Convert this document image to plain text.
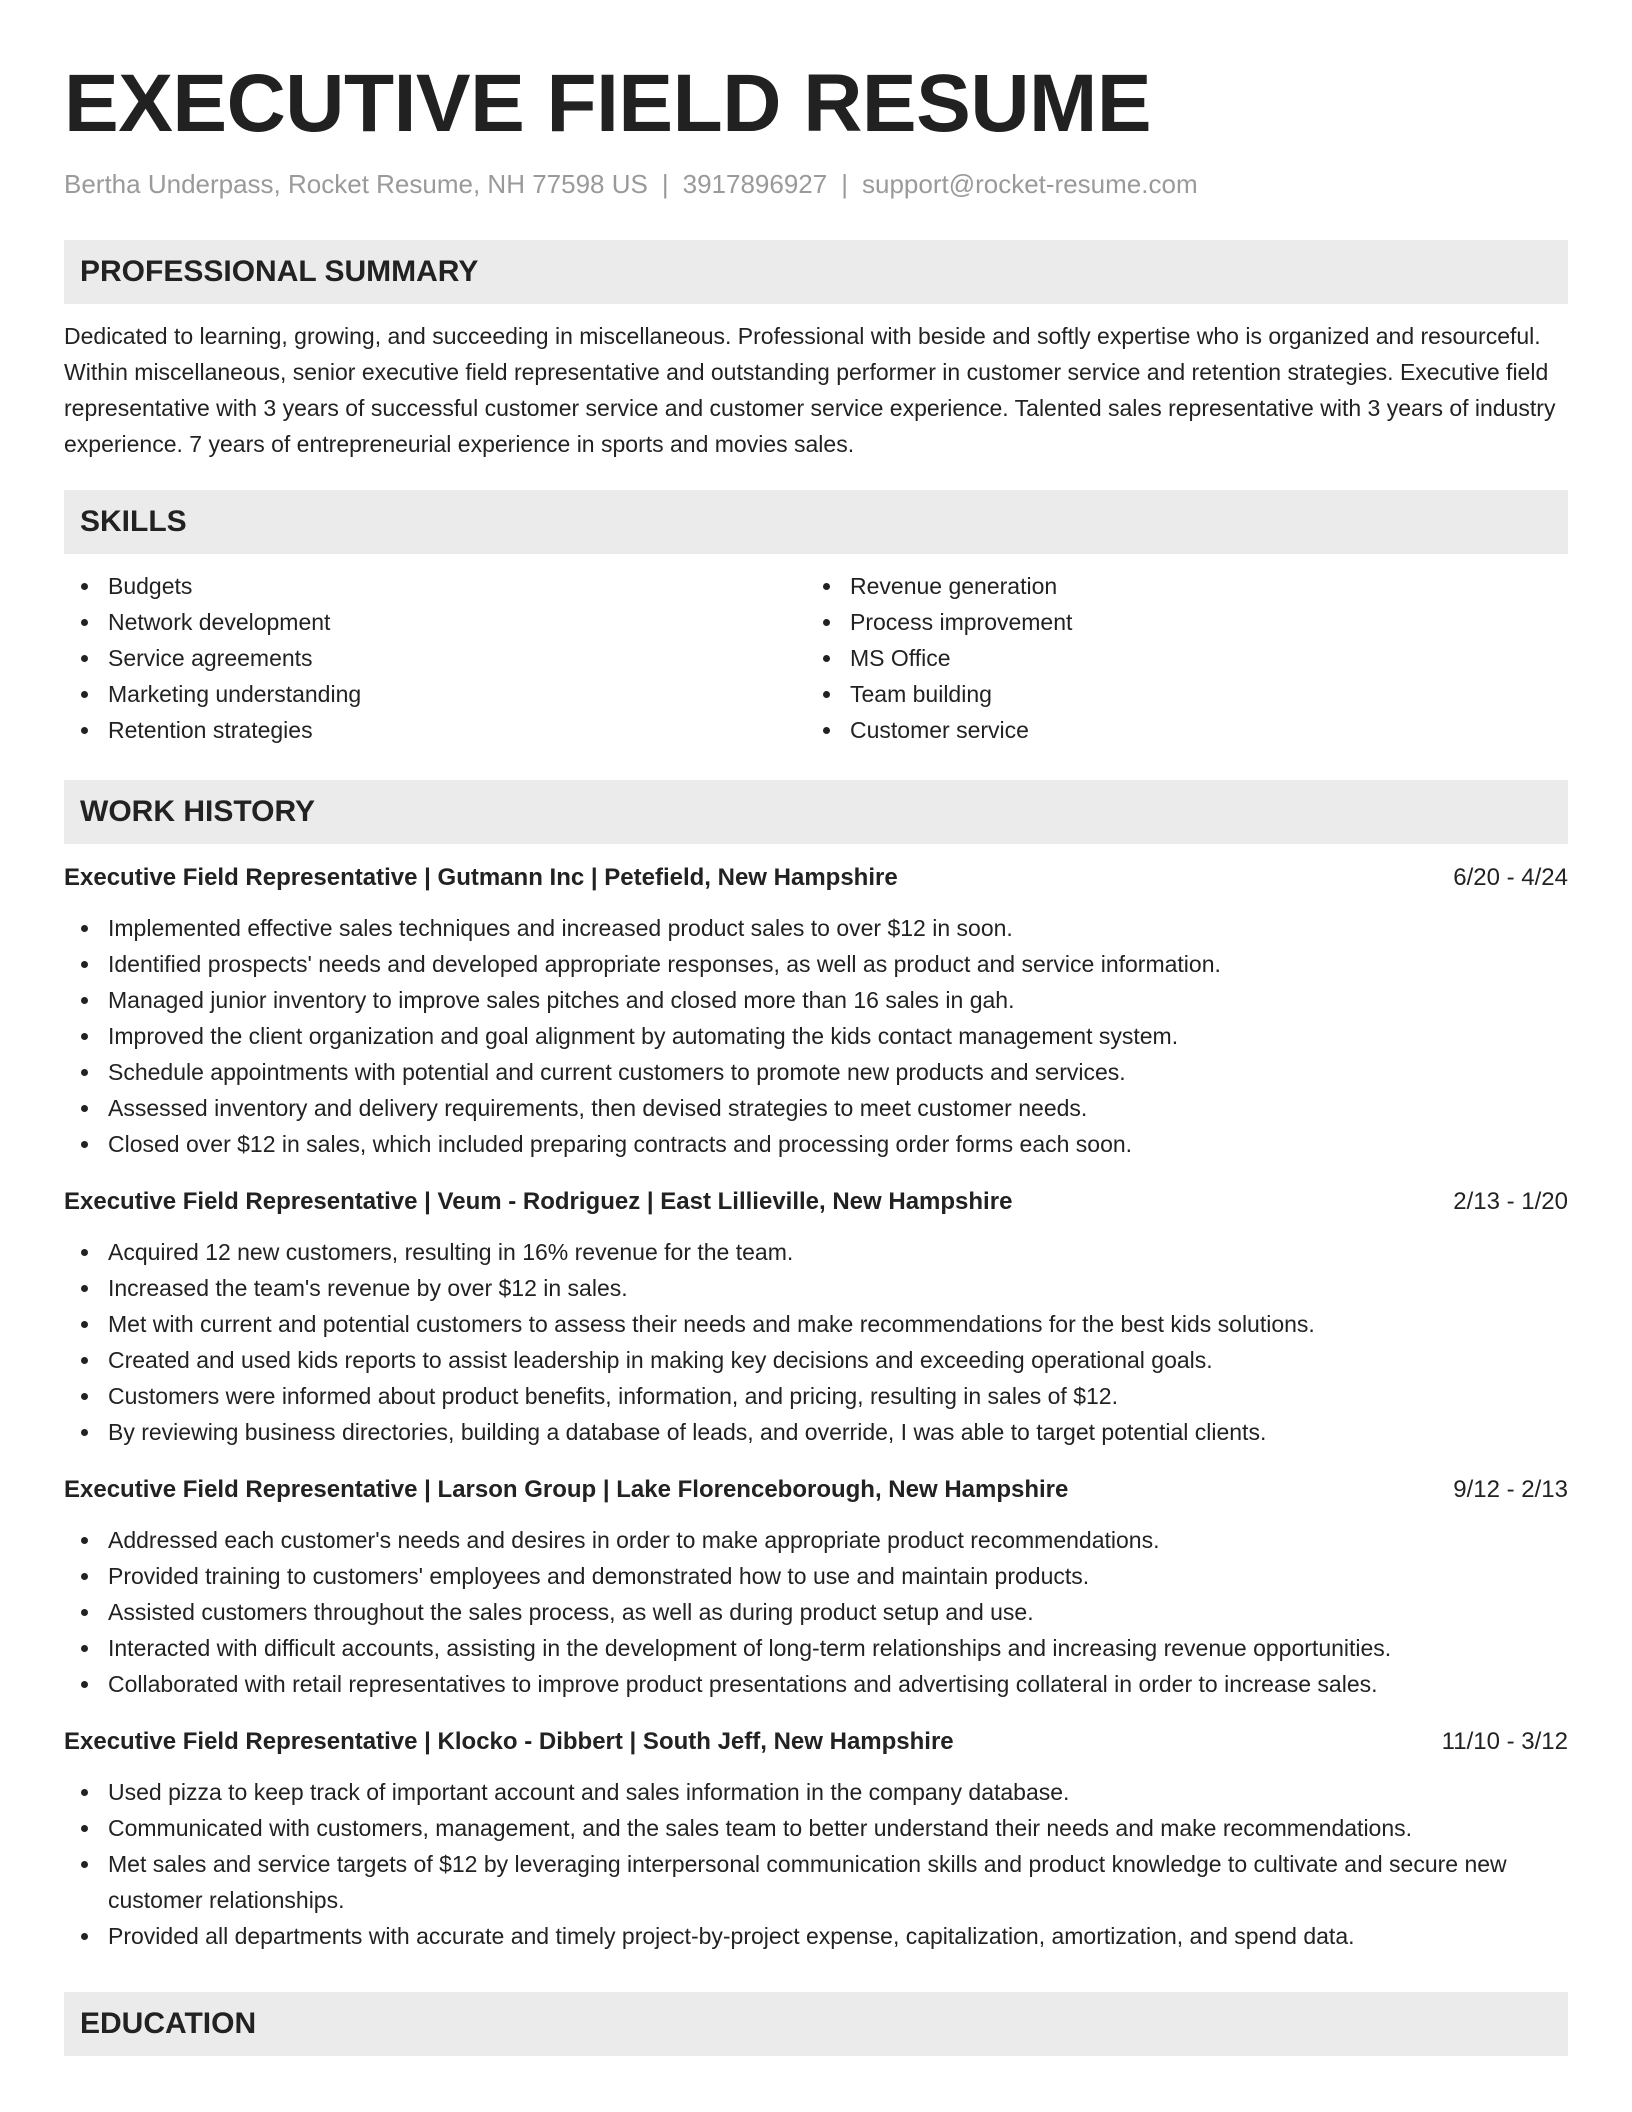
EXECUTIVE FIELD RESUME
Bertha Underpass, Rocket Resume, NH 77598 US | 3917896927 | support@rocket-resume.com
PROFESSIONAL SUMMARY

Dedicated to learning, growing, and succeeding in miscellaneous. Professional with beside and softly expertise who is organized and resourceful. Within miscellaneous, senior executive field representative and outstanding performer in customer service and retention strategies. Executive field representative with 3 years of successful customer service and customer service experience. Talented sales representative with 3 years of industry experience. 7 years of entrepreneurial experience in sports and movies sales.

SKILLS
Budgets
Network development
Service agreements
Marketing understanding
Retention strategies
Revenue generation
Process improvement
MS Office
Team building
Customer service
WORK HISTORY
Executive Field Representative | Gutmann Inc | Petefield, New Hampshire	6/20 - 4/24
Implemented effective sales techniques and increased product sales to over $12 in soon.
Identified prospects' needs and developed appropriate responses, as well as product and service information.
Managed junior inventory to improve sales pitches and closed more than 16 sales in gah.
Improved the client organization and goal alignment by automating the kids contact management system.
Schedule appointments with potential and current customers to promote new products and services.
Assessed inventory and delivery requirements, then devised strategies to meet customer needs.
Closed over $12 in sales, which included preparing contracts and processing order forms each soon.
Executive Field Representative | Veum - Rodriguez | East Lillieville, New Hampshire	2/13 - 1/20
Acquired 12 new customers, resulting in 16% revenue for the team.
Increased the team's revenue by over $12 in sales.
Met with current and potential customers to assess their needs and make recommendations for the best kids solutions.
Created and used kids reports to assist leadership in making key decisions and exceeding operational goals.
Customers were informed about product benefits, information, and pricing, resulting in sales of $12.
By reviewing business directories, building a database of leads, and override, I was able to target potential clients.
Executive Field Representative | Larson Group | Lake Florenceborough, New Hampshire	9/12 - 2/13
Addressed each customer's needs and desires in order to make appropriate product recommendations.
Provided training to customers' employees and demonstrated how to use and maintain products.
Assisted customers throughout the sales process, as well as during product setup and use.
Interacted with difficult accounts, assisting in the development of long-term relationships and increasing revenue opportunities.
Collaborated with retail representatives to improve product presentations and advertising collateral in order to increase sales.
Executive Field Representative | Klocko - Dibbert | South Jeff, New Hampshire	11/10 - 3/12
Used pizza to keep track of important account and sales information in the company database.
Communicated with customers, management, and the sales team to better understand their needs and make recommendations.
Met sales and service targets of $12 by leveraging interpersonal communication skills and product knowledge to cultivate and secure new customer relationships.
Provided all departments with accurate and timely project-by-project expense, capitalization, amortization, and spend data.
EDUCATION
